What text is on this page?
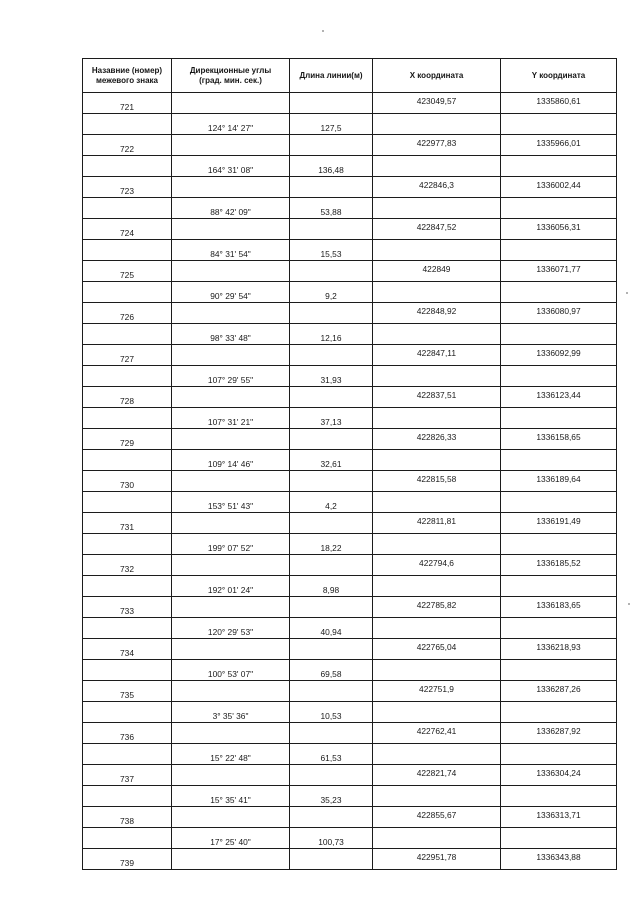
Назавние (номер)
межевого знака	Дирекционные углы
(град. мин. сек.)	Длина линии(м)	X координата	Y координата
721			423049,57	1335860,61
	124° 14' 27"	127,5		
722			422977,83	1335966,01
	164° 31' 08"	136,48		
723			422846,3	1336002,44
	88° 42' 09"	53,88		
724			422847,52	1336056,31
	84° 31' 54"	15,53		
725			422849	1336071,77
	90° 29' 54"	9,2		
726			422848,92	1336080,97
	98° 33' 48"	12,16		
727			422847,11	1336092,99
	107° 29' 55"	31,93		
728			422837,51	1336123,44
	107° 31' 21"	37,13		
729			422826,33	1336158,65
	109° 14' 46"	32,61		
730			422815,58	1336189,64
	153° 51' 43"	4,2		
731			422811,81	1336191,49
	199° 07' 52"	18,22		
732			422794,6	1336185,52
	192° 01' 24"	8,98		
733			422785,82	1336183,65
	120° 29' 53"	40,94		
734			422765,04	1336218,93
	100° 53' 07"	69,58		
735			422751,9	1336287,26
	3° 35' 36"	10,53		
736			422762,41	1336287,92
	15° 22' 48"	61,53		
737			422821,74	1336304,24
	15° 35' 41"	35,23		
738			422855,67	1336313,71
	17° 25' 40"	100,73		
739			422951,78	1336343,88
